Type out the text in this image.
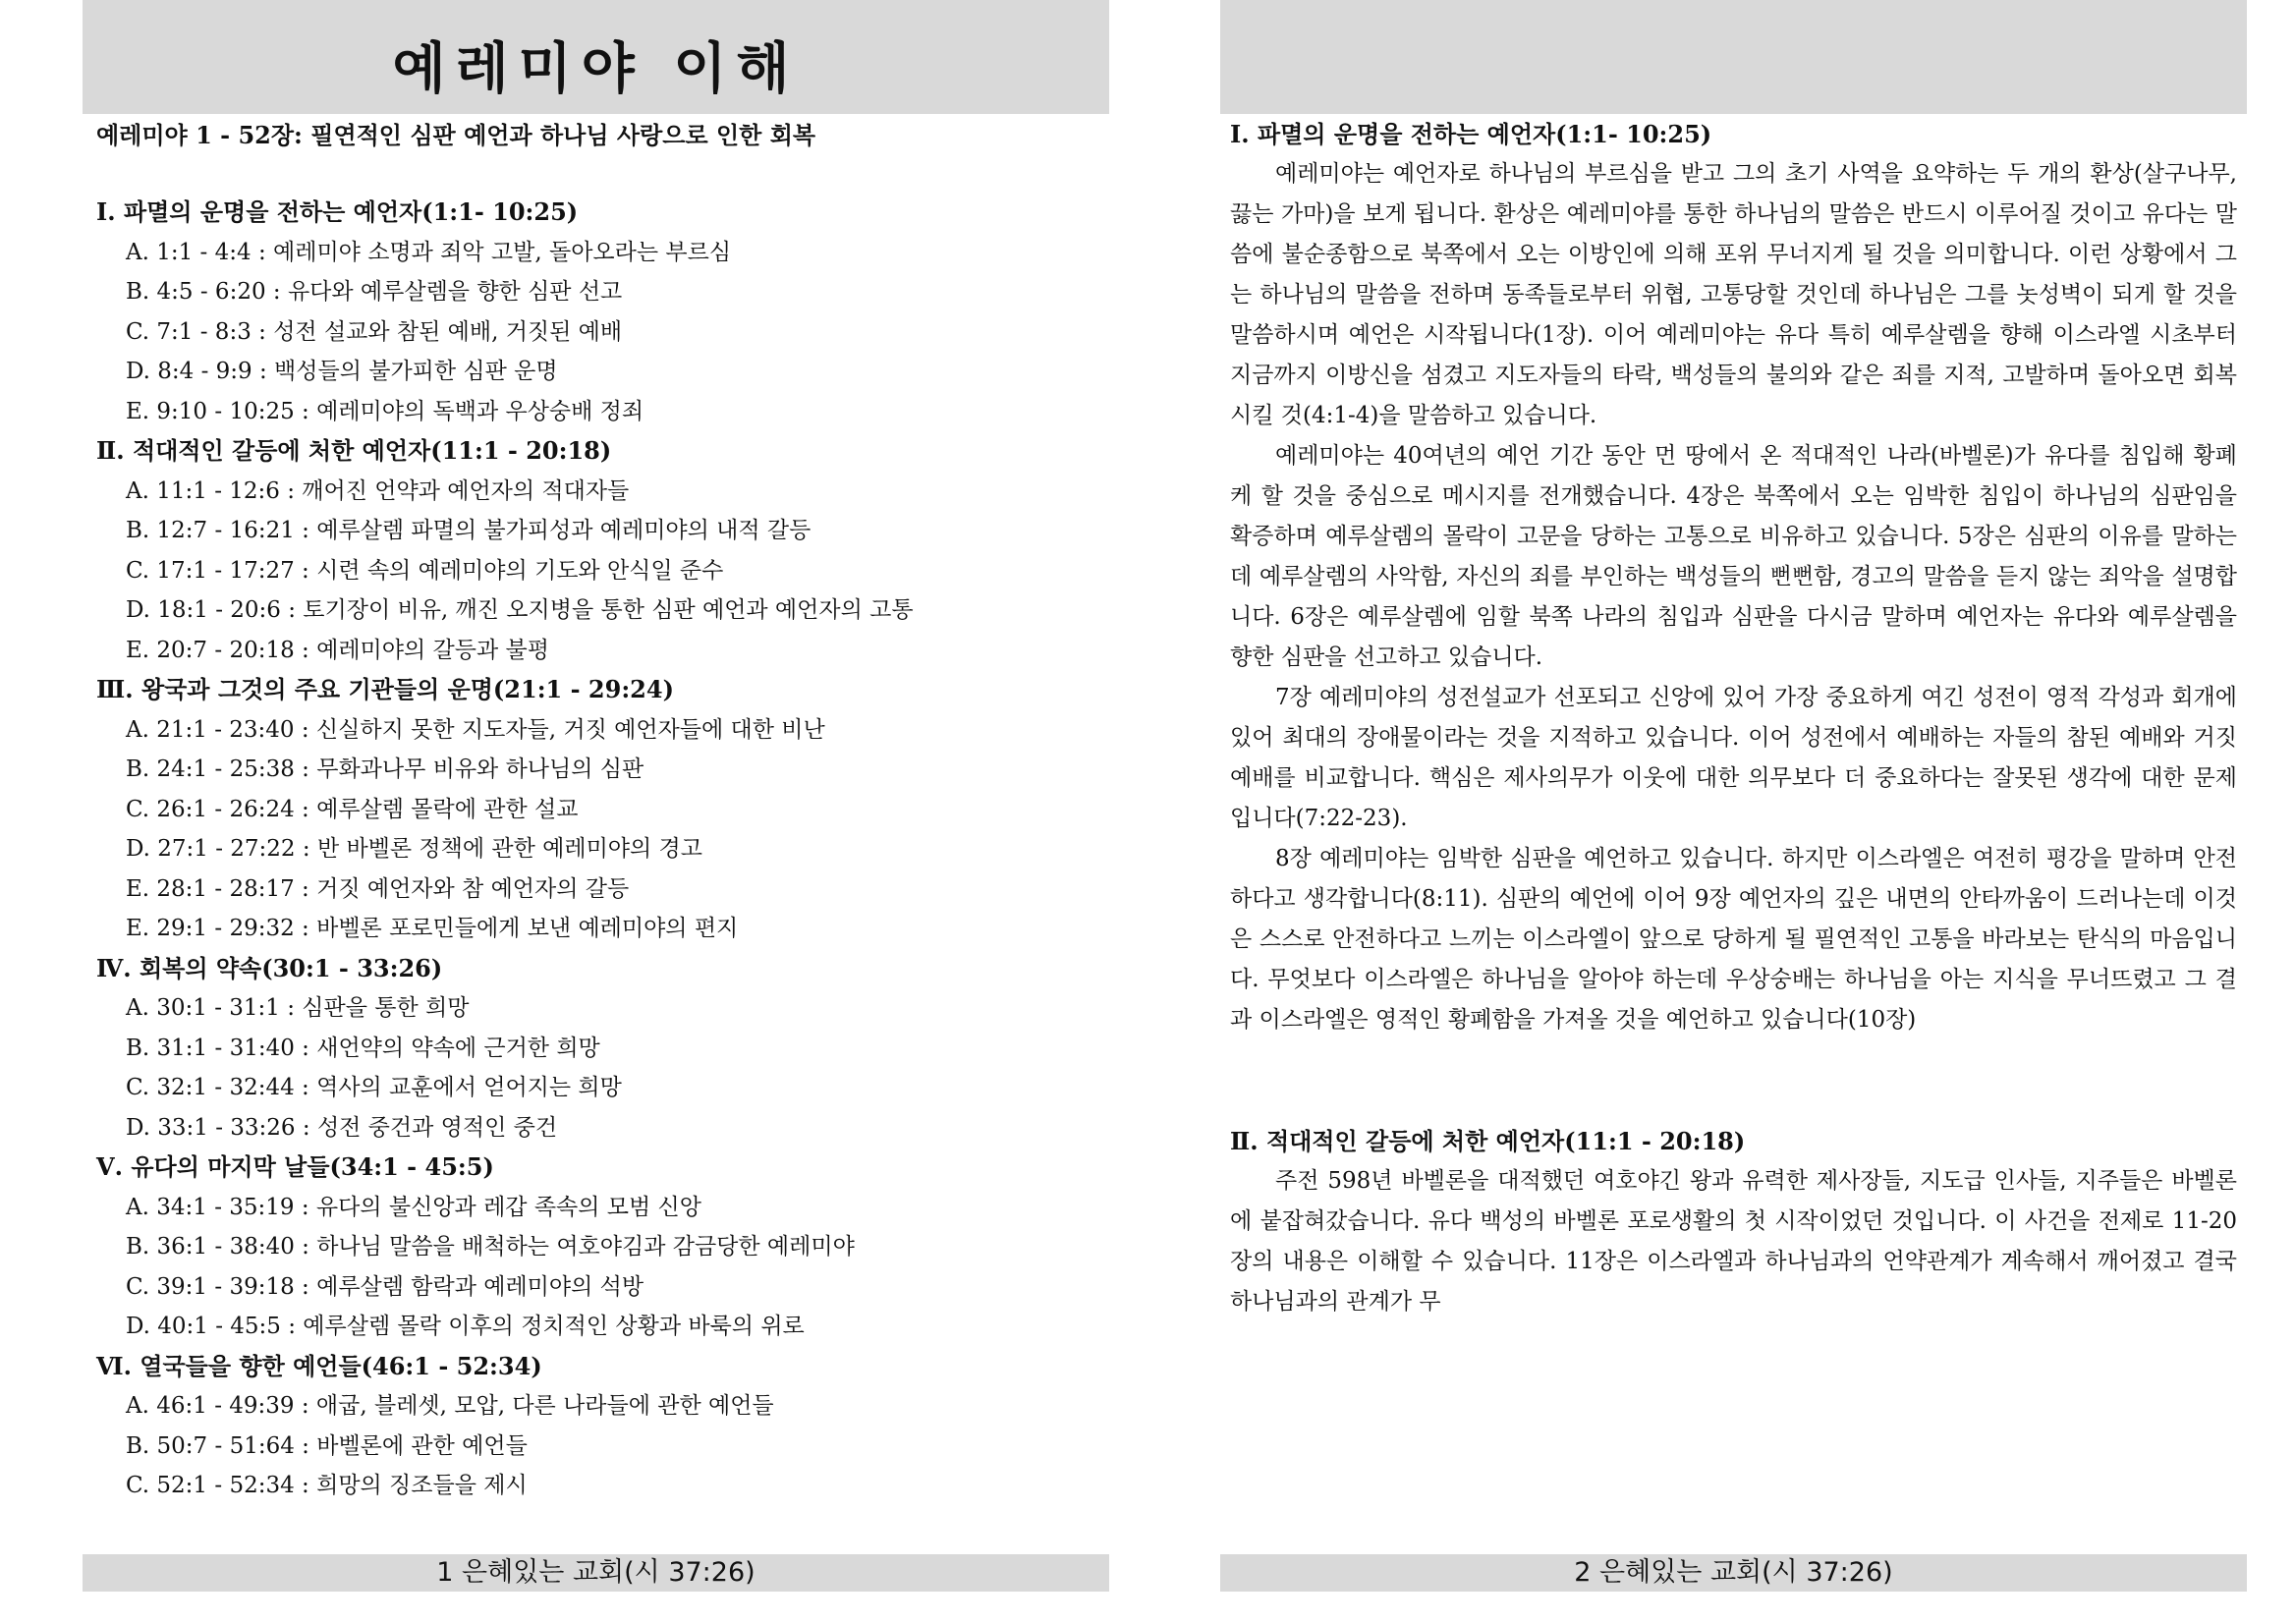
예레미야 이해
예레미야 1 - 52장: 필연적인 심판 예언과 하나님 사랑으로 인한 회복
Ⅰ. 파멸의 운명을 전하는 예언자(1:1- 10:25)
A. 1:1 - 4:4 : 예레미야 소명과 죄악 고발, 돌아오라는 부르심
B. 4:5 - 6:20 : 유다와 예루살렘을 향한 심판 선고
C. 7:1 - 8:3 : 성전 설교와 참된 예배, 거짓된 예배
D. 8:4 - 9:9 : 백성들의 불가피한 심판 운명
E. 9:10 - 10:25 : 예레미야의 독백과 우상숭배 정죄
Ⅱ. 적대적인 갈등에 처한 예언자(11:1 - 20:18)
A. 11:1 - 12:6 : 깨어진 언약과 예언자의 적대자들
B. 12:7 - 16:21 : 예루살렘 파멸의 불가피성과 예레미야의 내적 갈등
C. 17:1 - 17:27 : 시련 속의 예레미야의 기도와 안식일 준수
D. 18:1 - 20:6 : 토기장이 비유, 깨진 오지병을 통한 심판 예언과 예언자의 고통
E. 20:7 - 20:18 : 예레미야의 갈등과 불평
Ⅲ. 왕국과 그것의 주요 기관들의 운명(21:1 - 29:24)
A. 21:1 - 23:40 : 신실하지 못한 지도자들, 거짓 예언자들에 대한 비난
B. 24:1 - 25:38 : 무화과나무 비유와 하나님의 심판
C. 26:1 - 26:24 : 예루살렘 몰락에 관한 설교
D. 27:1 - 27:22 : 반 바벨론 정책에 관한 예레미야의 경고
E. 28:1 - 28:17 : 거짓 예언자와 참 예언자의 갈등
E. 29:1 - 29:32 : 바벨론 포로민들에게 보낸 예레미야의 편지
Ⅳ. 회복의 약속(30:1 - 33:26)
A. 30:1 - 31:1 : 심판을 통한 희망
B. 31:1 - 31:40 : 새언약의 약속에 근거한 희망
C. 32:1 - 32:44 : 역사의 교훈에서 얻어지는 희망
D. 33:1 - 33:26 : 성전 중건과 영적인 중건
Ⅴ. 유다의 마지막 날들(34:1 - 45:5)
A. 34:1 - 35:19 : 유다의 불신앙과 레갑 족속의 모범 신앙
B. 36:1 - 38:40 : 하나님 말씀을 배척하는 여호야김과 감금당한 예레미야
C. 39:1 - 39:18 : 예루살렘 함락과 예레미야의 석방
D. 40:1 - 45:5 : 예루살렘 몰락 이후의 정치적인 상황과 바룩의 위로
Ⅵ. 열국들을 향한 예언들(46:1 - 52:34)
A. 46:1 - 49:39 : 애굽, 블레셋, 모압, 다른 나라들에 관한 예언들
B. 50:7 - 51:64 : 바벨론에 관한 예언들
C. 52:1 - 52:34 : 희망의 징조들을 제시
1 은혜있는 교회(시 37:26)
Ⅰ. 파멸의 운명을 전하는 예언자(1:1- 10:25)

예레미야는 예언자로 하나님의 부르심을 받고 그의 초기 사역을 요약하는 두 개의 환상(살구나무, 끓는 가마)을 보게 됩니다. 환상은 예레미야를 통한 하나님의 말씀은 반드시 이루어질 것이고 유다는 말씀에 불순종함으로 북쪽에서 오는 이방인에 의해 포위 무너지게 될 것을 의미합니다. 이런 상황에서 그는 하나님의 말씀을 전하며 동족들로부터 위협, 고통당할 것인데 하나님은 그를 놋성벽이 되게 할 것을 말씀하시며 예언은 시작됩니다(1장). 이어 예레미야는 유다 특히 예루살렘을 향해 이스라엘 시초부터 지금까지 이방신을 섬겼고 지도자들의 타락, 백성들의 불의와 같은 죄를 지적, 고발하며 돌아오면 회복시킬 것(4:1-4)을 말씀하고 있습니다.

예레미야는 40여년의 예언 기간 동안 먼 땅에서 온 적대적인 나라(바벨론)가 유다를 침입해 황폐케 할 것을 중심으로 메시지를 전개했습니다. 4장은 북쪽에서 오는 임박한 침입이 하나님의 심판임을 확증하며 예루살렘의 몰락이 고문을 당하는 고통으로 비유하고 있습니다. 5장은 심판의 이유를 말하는데 예루살렘의 사악함, 자신의 죄를 부인하는 백성들의 뻔뻔함, 경고의 말씀을 듣지 않는 죄악을 설명합니다. 6장은 예루살렘에 임할 북쪽 나라의 침입과 심판을 다시금 말하며 예언자는 유다와 예루살렘을 향한 심판을 선고하고 있습니다.

7장 예레미야의 성전설교가 선포되고 신앙에 있어 가장 중요하게 여긴 성전이 영적 각성과 회개에 있어 최대의 장애물이라는 것을 지적하고 있습니다. 이어 성전에서 예배하는 자들의 참된 예배와 거짓예배를 비교합니다. 핵심은 제사의무가 이웃에 대한 의무보다 더 중요하다는 잘못된 생각에 대한 문제입니다(7:22-23).

8장 예레미야는 임박한 심판을 예언하고 있습니다. 하지만 이스라엘은 여전히 평강을 말하며 안전하다고 생각합니다(8:11). 심판의 예언에 이어 9장 예언자의 깊은 내면의 안타까움이 드러나는데 이것은 스스로 안전하다고 느끼는 이스라엘이 앞으로 당하게 될 필연적인 고통을 바라보는 탄식의 마음입니다. 무엇보다 이스라엘은 하나님을 알아야 하는데 우상숭배는 하나님을 아는 지식을 무너뜨렸고 그 결과 이스라엘은 영적인 황폐함을 가져올 것을 예언하고 있습니다(10장)

Ⅱ. 적대적인 갈등에 처한 예언자(11:1 - 20:18)

주전 598년 바벨론을 대적했던 여호야긴 왕과 유력한 제사장들, 지도급 인사들, 지주들은 바벨론에 붙잡혀갔습니다. 유다 백성의 바벨론 포로생활의 첫 시작이었던 것입니다. 이 사건을 전제로 11-20장의 내용은 이해할 수 있습니다. 11장은 이스라엘과 하나님과의 언약관계가 계속해서 깨어졌고 결국 하나님과의 관계가 무

2 은혜있는 교회(시 37:26)
